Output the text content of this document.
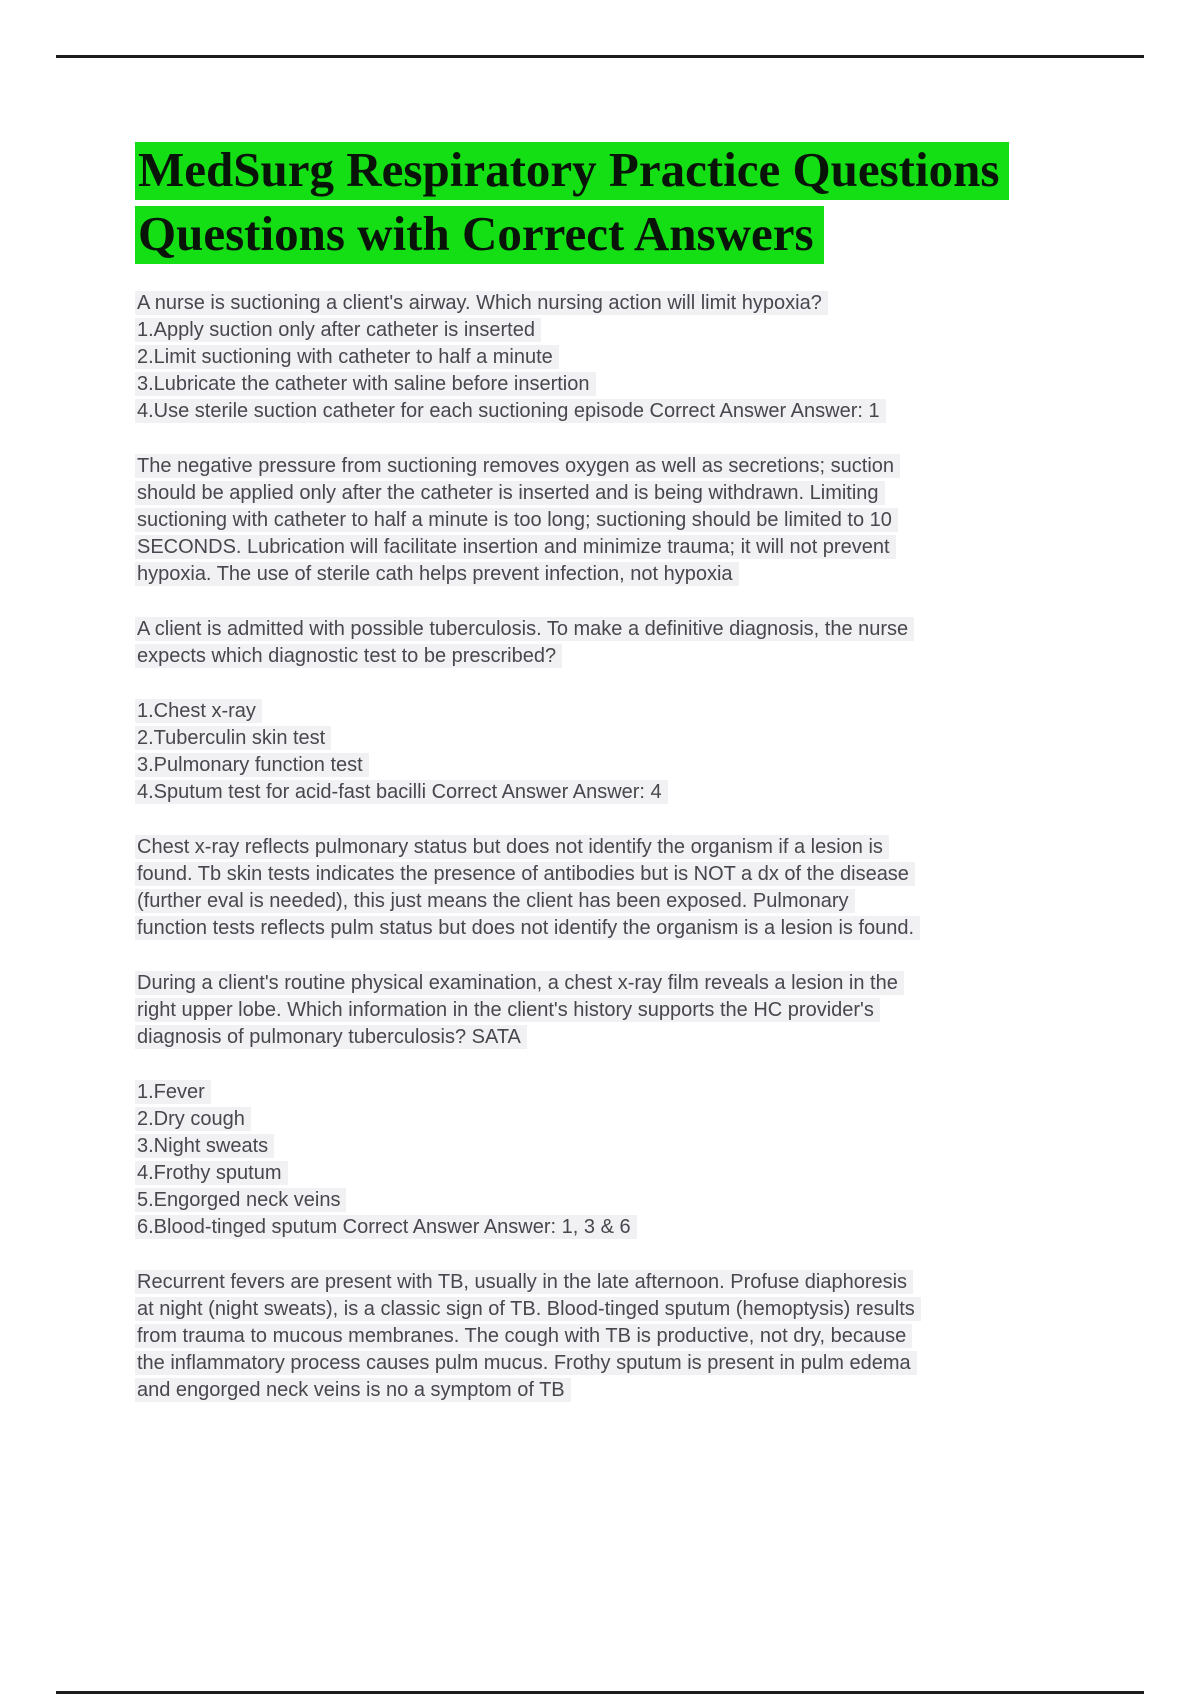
MedSurg Respiratory Practice Questions
Questions with Correct Answers
A nurse is suctioning a client's airway. Which nursing action will limit hypoxia?
1.Apply suction only after catheter is inserted
2.Limit suctioning with catheter to half a minute
3.Lubricate the catheter with saline before insertion
4.Use sterile suction catheter for each suctioning episode Correct Answer Answer: 1
The negative pressure from suctioning removes oxygen as well as secretions; suction
should be applied only after the catheter is inserted and is being withdrawn. Limiting
suctioning with catheter to half a minute is too long; suctioning should be limited to 10
SECONDS. Lubrication will facilitate insertion and minimize trauma; it will not prevent
hypoxia. The use of sterile cath helps prevent infection, not hypoxia
A client is admitted with possible tuberculosis. To make a definitive diagnosis, the nurse
expects which diagnostic test to be prescribed?
1.Chest x-ray
2.Tuberculin skin test
3.Pulmonary function test
4.Sputum test for acid-fast bacilli Correct Answer Answer: 4
Chest x-ray reflects pulmonary status but does not identify the organism if a lesion is
found. Tb skin tests indicates the presence of antibodies but is NOT a dx of the disease
(further eval is needed), this just means the client has been exposed. Pulmonary
function tests reflects pulm status but does not identify the organism is a lesion is found.
During a client's routine physical examination, a chest x-ray film reveals a lesion in the
right upper lobe. Which information in the client's history supports the HC provider's
diagnosis of pulmonary tuberculosis? SATA
1.Fever
2.Dry cough
3.Night sweats
4.Frothy sputum
5.Engorged neck veins
6.Blood-tinged sputum Correct Answer Answer: 1, 3 & 6
Recurrent fevers are present with TB, usually in the late afternoon. Profuse diaphoresis
at night (night sweats), is a classic sign of TB. Blood-tinged sputum (hemoptysis) results
from trauma to mucous membranes. The cough with TB is productive, not dry, because
the inflammatory process causes pulm mucus. Frothy sputum is present in pulm edema
and engorged neck veins is no a symptom of TB
